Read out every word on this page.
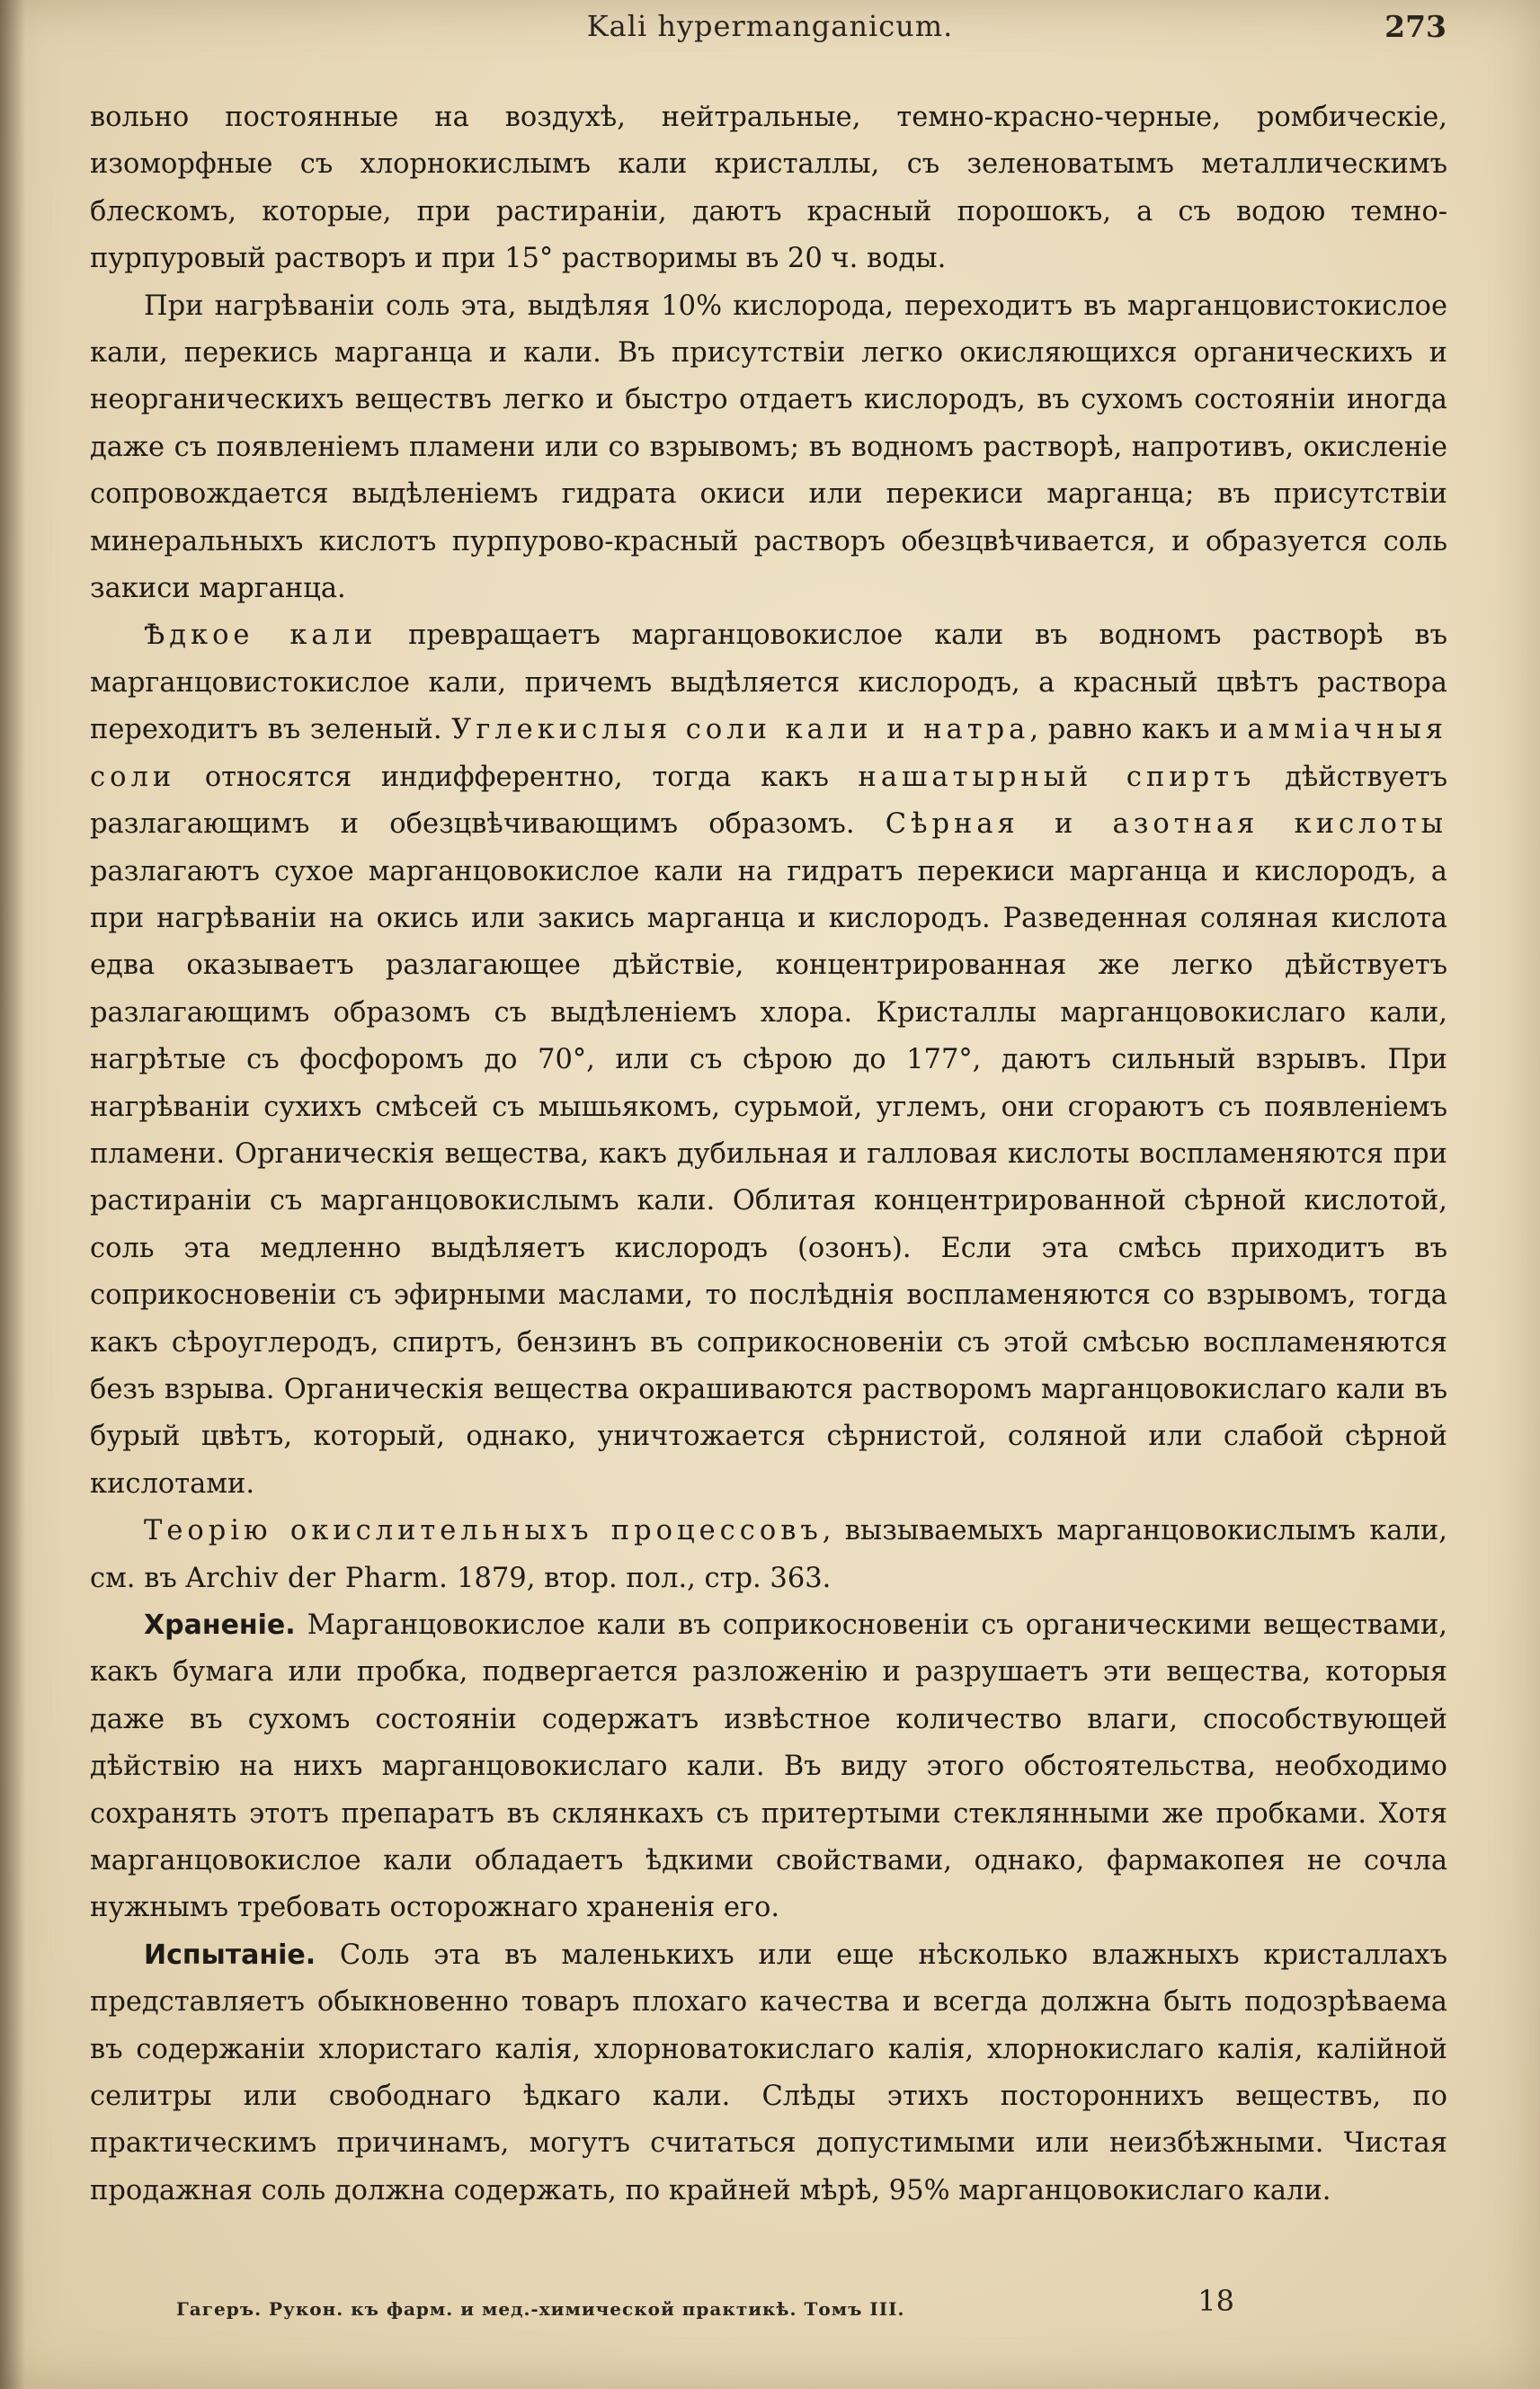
Kali hypermanganicum.	273

вольно постоянные на воздухѣ, нейтральные, темно-красно-черные, ромбическіе, изоморфные съ хлорнокислымъ кали кристаллы, съ зеленоватымъ металлическимъ блескомъ, которые, при растираніи, даютъ красный порошокъ, а съ водою темно-пурпуровый растворъ и при 15° растворимы въ 20 ч. воды.

При нагрѣваніи соль эта, выдѣляя 10% кислорода, переходитъ въ марганцовистокислое кали, перекись марганца и кали. Въ присутствіи легко окисляющихся органическихъ и неорганическихъ веществъ легко и быстро отдаетъ кислородъ, въ сухомъ состояніи иногда даже съ появленіемъ пламени или со взрывомъ; въ водномъ растворѣ, напротивъ, окисленіе сопровождается выдѣленіемъ гидрата окиси или перекиси марганца; въ присутствіи минеральныхъ кислотъ пурпурово-красный растворъ обезцвѣчивается, и образуется соль закиси марганца.

Ѣдкое кали превращаетъ марганцовокислое кали въ водномъ растворѣ въ марганцовистокислое кали, причемъ выдѣляется кислородъ, а красный цвѣтъ раствора переходитъ въ зеленый. Углекислыя соли кали и натра, равно какъ и амміачныя соли относятся индифферентно, тогда какъ нашатырный спиртъ дѣйствуетъ разлагающимъ и обезцвѣчивающимъ образомъ. Сѣрная и азотная кислоты разлагаютъ сухое марганцовокислое кали на гидратъ перекиси марганца и кислородъ, а при нагрѣваніи на окись или закись марганца и кислородъ. Разведенная соляная кислота едва оказываетъ разлагающее дѣйствіе, концентрированная же легко дѣйствуетъ разлагающимъ образомъ съ выдѣленіемъ хлора. Кристаллы марганцовокислаго кали, нагрѣтые съ фосфоромъ до 70°, или съ сѣрою до 177°, даютъ сильный взрывъ. При нагрѣваніи сухихъ смѣсей съ мышьякомъ, сурьмой, углемъ, они сгораютъ съ появленіемъ пламени. Органическія вещества, какъ дубильная и галловая кислоты воспламеняются при растираніи съ марганцовокислымъ кали. Облитая концентрированной сѣрной кислотой, соль эта медленно выдѣляетъ кислородъ (озонъ). Если эта смѣсь приходитъ въ соприкосновеніи съ эфирными маслами, то послѣднія воспламеняются со взрывомъ, тогда какъ сѣроуглеродъ, спиртъ, бензинъ въ соприкосновеніи съ этой смѣсью воспламеняются безъ взрыва. Органическія вещества окрашиваются растворомъ марганцовокислаго кали въ бурый цвѣтъ, который, однако, уничтожается сѣрнистой, соляной или слабой сѣрной кислотами.

Теорію окислительныхъ процессовъ, вызываемыхъ марганцовокислымъ кали, см. въ Archiv der Pharm. 1879, втор. пол., стр. 363.

Храненіе. Марганцовокислое кали въ соприкосновеніи съ органическими веществами, какъ бумага или пробка, подвергается разложенію и разрушаетъ эти вещества, которыя даже въ сухомъ состояніи содержатъ извѣстное количество влаги, способствующей дѣйствію на нихъ марганцовокислаго кали. Въ виду этого обстоятельства, необходимо сохранять этотъ препаратъ въ склянкахъ съ притертыми стеклянными же пробками. Хотя марганцовокислое кали обладаетъ ѣдкими свойствами, однако, фармакопея не сочла нужнымъ требовать осторожнаго храненія его.

Испытаніе. Соль эта въ маленькихъ или еще нѣсколько влажныхъ кристаллахъ представляетъ обыкновенно товаръ плохаго качества и всегда должна быть подозрѣваема въ содержаніи хлористаго калія, хлорноватокислаго калія, хлорнокислаго калія, калійной селитры или свободнаго ѣдкаго кали. Слѣды этихъ постороннихъ веществъ, по практическимъ причинамъ, могутъ считаться допустимыми или неизбѣжными. Чистая продажная соль должна содержать, по крайней мѣрѣ, 95% марганцовокислаго кали.

Гагеръ. Рукон. къ фарм. и мед.-химической практикѣ. Томъ III.	18
